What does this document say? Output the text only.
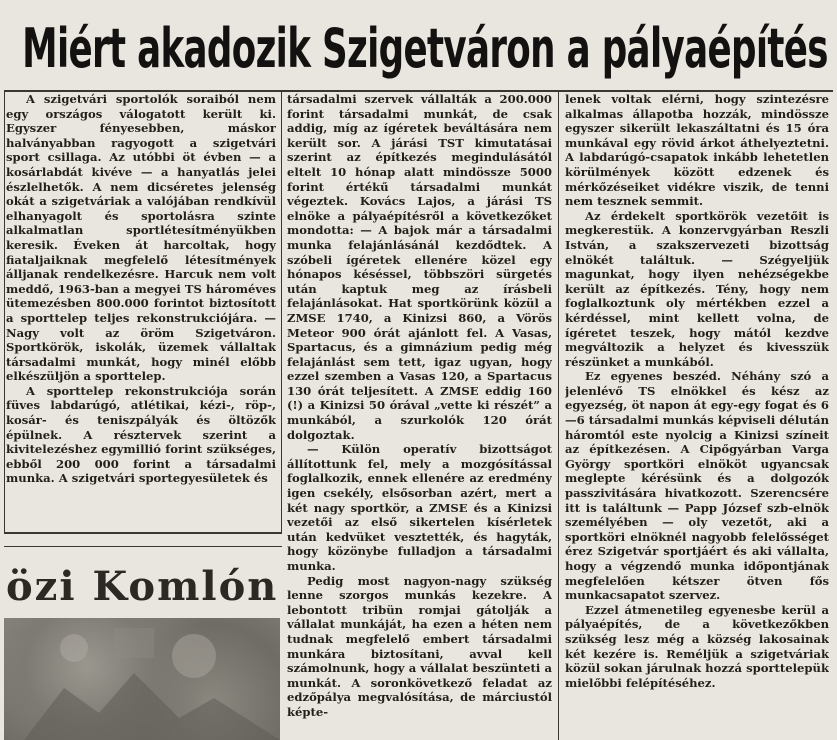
Miért akadozik Szigetváron a pályaépítés

A szigetvári sportolók soraiból nem egy országos válogatott került ki. Egyszer fényesebben, máskor halványabban ragyogott a szigetvári sport csillaga. Az utóbbi öt évben — a kosárlabdát kivéve — a hanyatlás jelei észlelhetők. A nem dicséretes jelenség okát a szigetváriak a valójában rendkívül elhanyagolt és sportolásra szinte alkalmatlan sportlétesítményükben keresik. Éveken át harcoltak, hogy fiataljaiknak megfelelő létesítmények álljanak rendelkezésre. Harcuk nem volt meddő, 1963-ban a megyei TS hároméves ütemezésben 800.000 forintot biztosított a sporttelep teljes rekonstrukciójára. — Nagy volt az öröm Szigetváron. Sportkörök, iskolák, üzemek vállaltak társadalmi munkát, hogy minél előbb elkészüljön a sporttelep.

A sporttelep rekonstrukciója során füves labdarúgó, atlétikai, kézi-, röp-, kosár- és teniszpályák és öltözők épülnek. A résztervek szerint a kivitelezéshez egymillió forint szükséges, ebből 200 000 forint a társadalmi munka. A szigetvári sportegyesületek és

társadalmi szervek vállalták a 200.000 forint társadalmi munkát, de csak addig, míg az ígéretek beváltására nem került sor. A járási TST kimutatásai szerint az építkezés megindulásától eltelt 10 hónap alatt mindössze 5000 forint értékű társadalmi munkát végeztek. Kovács Lajos, a járási TS elnöke a pályaépítésről a következőket mondotta: — A bajok már a társadalmi munka felajánlásánál kezdődtek. A szóbeli ígéretek ellenére közel egy hónapos késéssel, többszöri sürgetés után kaptuk meg az írásbeli felajánlásokat. Hat sportkörünk közül a ZMSE 1740, a Kinizsi 860, a Vörös Meteor 900 órát ajánlott fel. A Vasas, Spartacus, és a gimnázium pedig még felajánlást sem tett, igaz ugyan, hogy ezzel szemben a Vasas 120, a Spartacus 130 órát teljesített. A ZMSE eddig 160 (!) a Kinizsi 50 órával „vette ki részét” a munkából, a szurkolók 120 órát dolgoztak.

— Külön operatív bizottságot állítottunk fel, mely a mozgósítással foglalkozik, ennek ellenére az eredmény igen csekély, elsősorban azért, mert a két nagy sportkör, a ZMSE és a Kinizsi vezetői az első sikertelen kísérletek után kedvüket vesztették, és hagyták, hogy közönybe fulladjon a társadalmi munka.

Pedig most nagyon-nagy szükség lenne szorgos munkás kezekre. A lebontott tribün romjai gátolják a vállalat munkáját, ha ezen a héten nem tudnak megfelelő embert társadalmi munkára biztosítani, avval kell számolnunk, hogy a vállalat beszünteti a munkát. A soronkövetkező feladat az edzőpálya megvalósítása, de márciustól képte-

lenek voltak elérni, hogy szintezésre alkalmas állapotba hozzák, mindössze egyszer sikerült lekaszáltatni és 15 óra munkával egy rövid árkot áthelyeztetni. A labdarúgó-csapatok inkább lehetetlen körülmények között edzenek és mérkőzéseiket vidékre viszik, de tenni nem tesznek semmit.

Az érdekelt sportkörök vezetőit is megkerestük. A konzervgyárban Reszli István, a szakszervezeti bizottság elnökét találtuk. — Szégyeljük magunkat, hogy ilyen nehézségekbe került az építkezés. Tény, hogy nem foglalkoztunk oly mértékben ezzel a kérdéssel, mint kellett volna, de ígéretet teszek, hogy mától kezdve megváltozik a helyzet és kivesszük részünket a munkából.

Ez egyenes beszéd. Néhány szó a jelenlévő TS elnökkel és kész az egyezség, öt napon át egy-egy fogat és 6—6 társadalmi munkás képviseli délután háromtól este nyolcig a Kinizsi színeit az építkezésen. A Cipőgyárban Varga György sportköri elnököt ugyancsak meglepte kérésünk és a dolgozók passzivitására hivatkozott. Szerencsére itt is találtunk — Papp József szb-elnök személyében — oly vezetőt, aki a sportköri elnöknél nagyobb felelősséget érez Szigetvár sportjáért és aki vállalta, hogy a végzendő munka időpontjának megfelelően kétszer ötven fős munkacsapatot szervez.

Ezzel átmenetileg egyenesbe kerül a pályaépítés, de a következőkben szükség lesz még a község lakosainak két kezére is. Reméljük a szigetváriak közül sokan járulnak hozzá sporttelepük mielőbbi felépítéséhez.

özi Komlón
